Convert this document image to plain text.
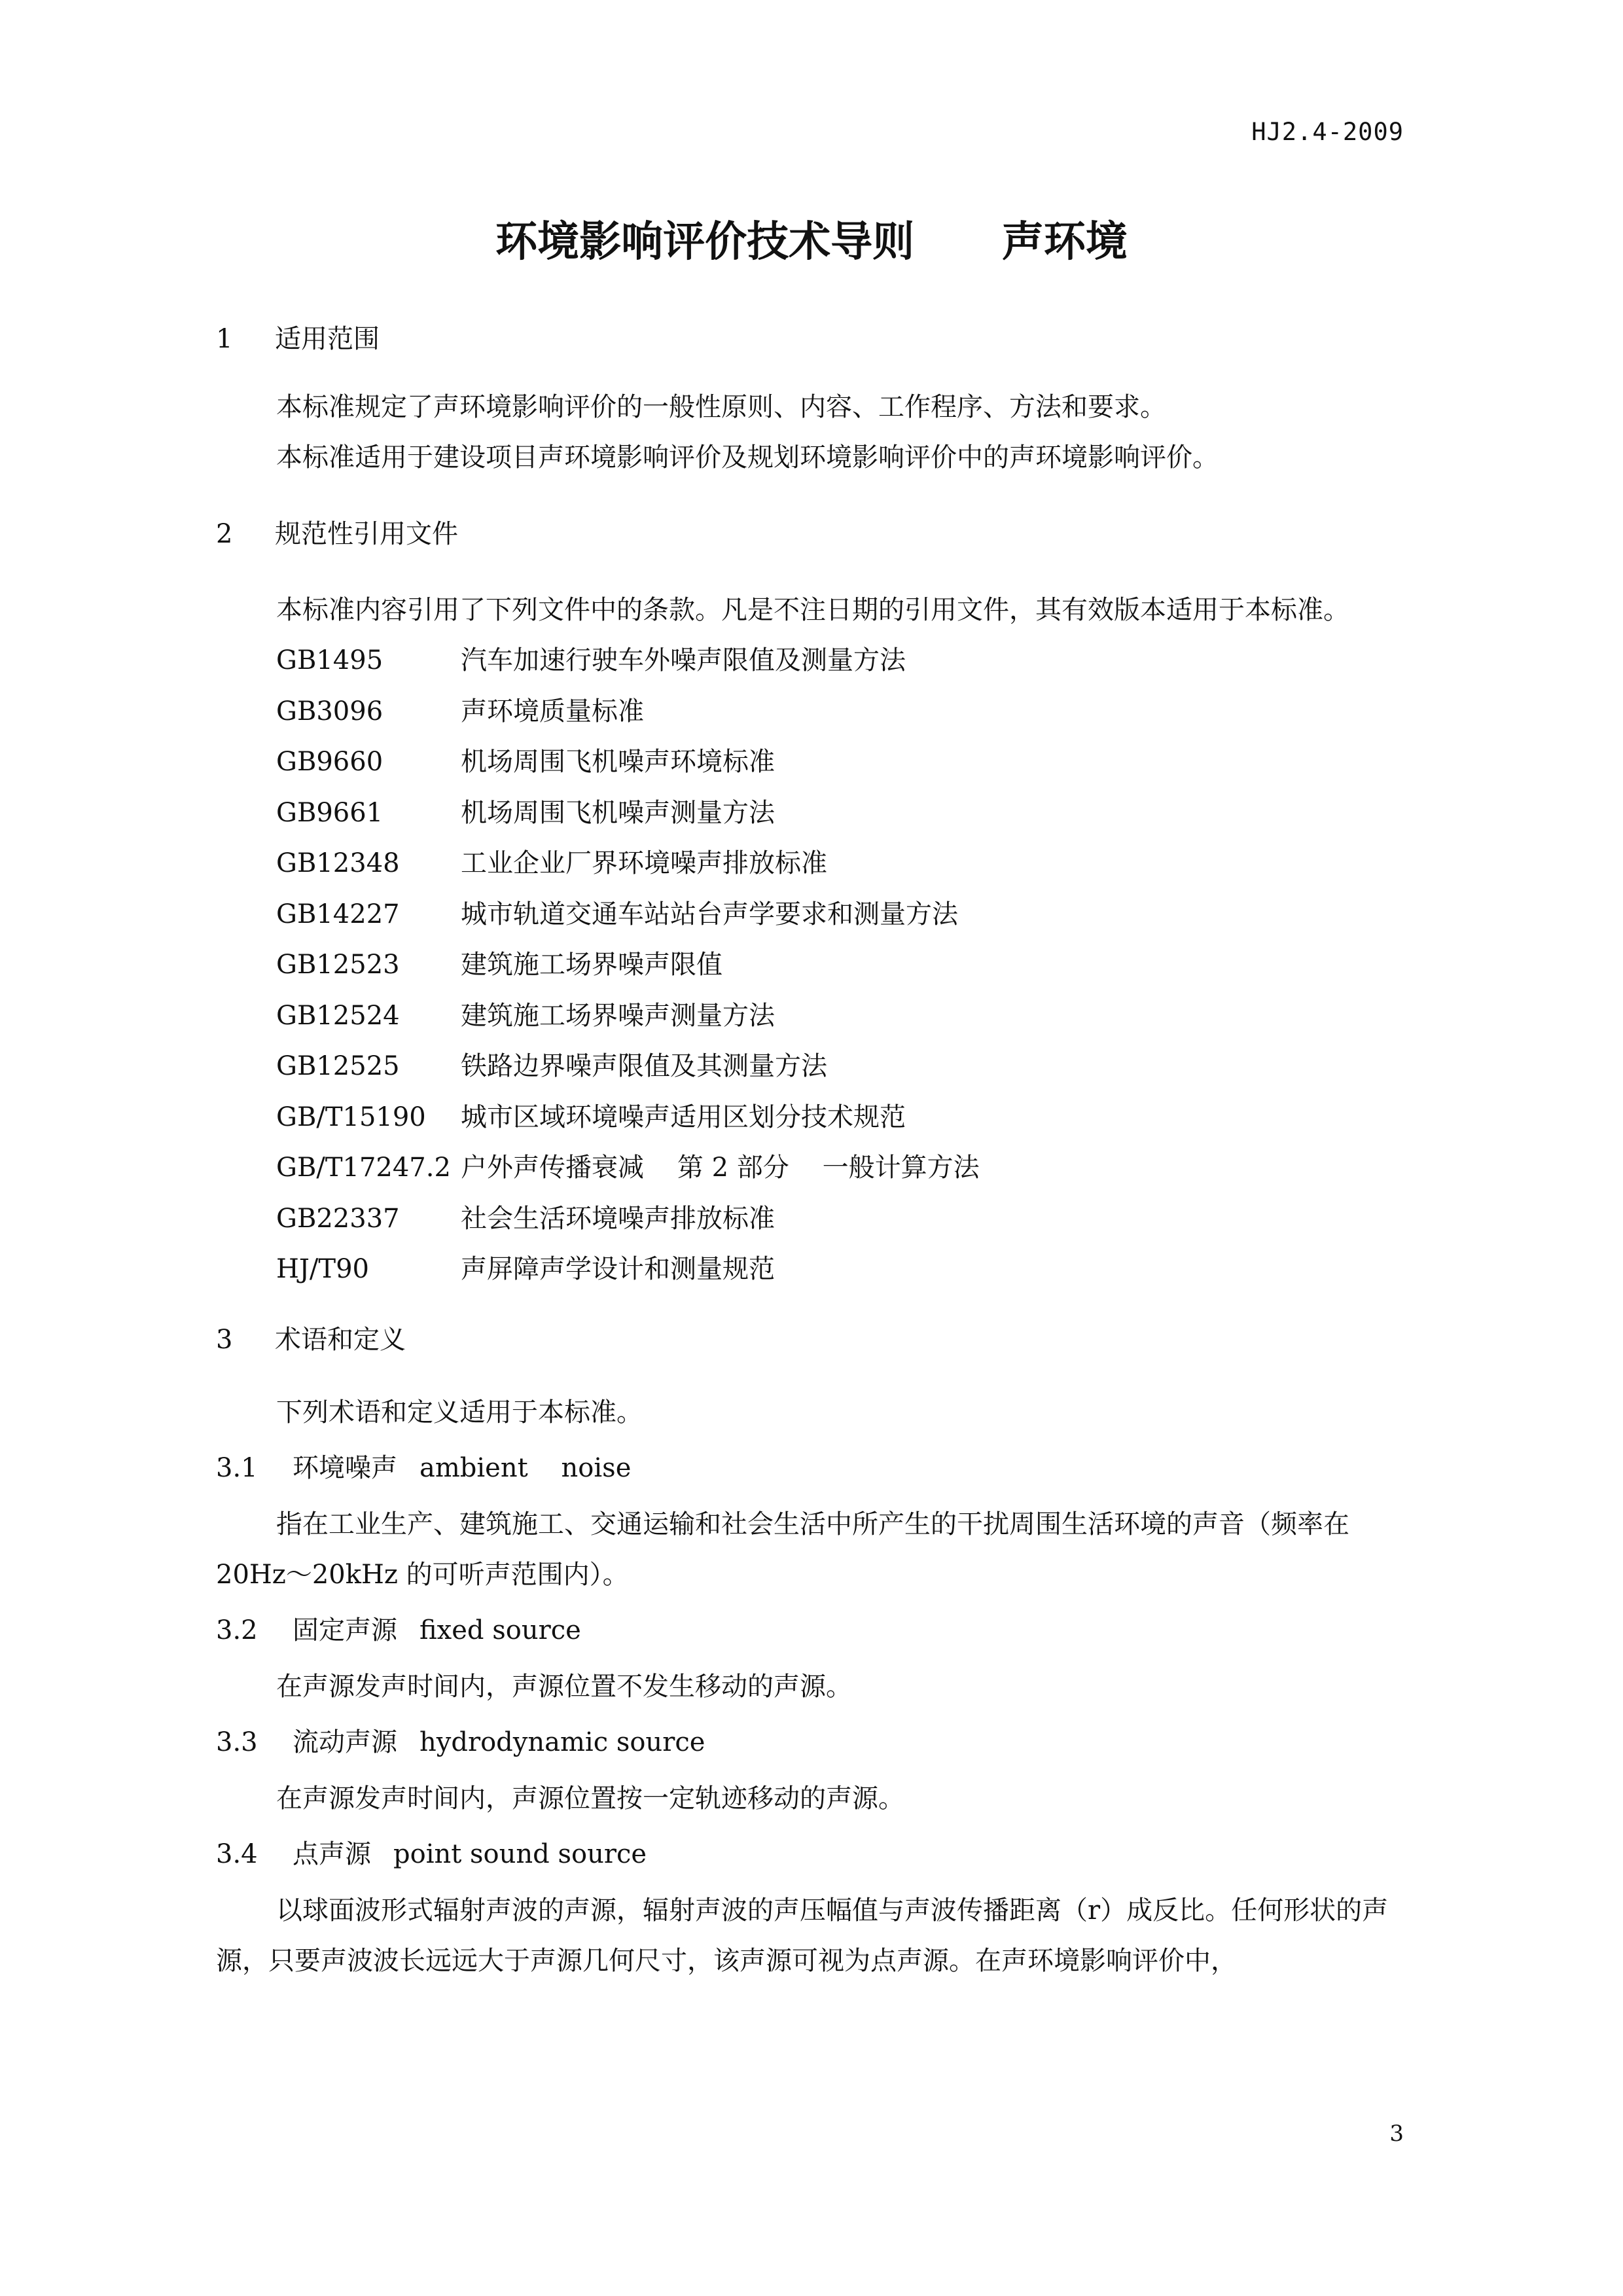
HJ2.4-2009
环境影响评价技术导则      声环境
1	适用范围

本标准规定了声环境影响评价的一般性原则、内容、工作程序、方法和要求。

本标准适用于建设项目声环境影响评价及规划环境影响评价中的声环境影响评价。

2	规范性引用文件

本标准内容引用了下列文件中的条款。凡是不注日期的引用文件，其有效版本适用于本标准。

GB1495	汽车加速行驶车外噪声限值及测量方法
GB3096	声环境质量标准
GB9660	机场周围飞机噪声环境标准
GB9661	机场周围飞机噪声测量方法
GB12348	工业企业厂界环境噪声排放标准
GB14227	城市轨道交通车站站台声学要求和测量方法
GB12523	建筑施工场界噪声限值
GB12524	建筑施工场界噪声测量方法
GB12525	铁路边界噪声限值及其测量方法
GB/T15190	城市区域环境噪声适用区划分技术规范
GB/T17247.2 户外声传播衰减    第 2 部分    一般计算方法
GB22337	社会生活环境噪声排放标准
HJ/T90	声屏障声学设计和测量规范
3	术语和定义

下列术语和定义适用于本标准。

3.1	环境噪声 ambient    noise

指在工业生产、建筑施工、交通运输和社会生活中所产生的干扰周围生活环境的声音（频率在 20Hz～20kHz 的可听声范围内）。

3.2	固定声源 fixed source

在声源发声时间内，声源位置不发生移动的声源。

3.3	流动声源 hydrodynamic source

在声源发声时间内，声源位置按一定轨迹移动的声源。

3.4	点声源 point sound source

以球面波形式辐射声波的声源，辐射声波的声压幅值与声波传播距离（r）成反比。任何形状的声源，只要声波波长远远大于声源几何尺寸，该声源可视为点声源。在声环境影响评价中，

3
